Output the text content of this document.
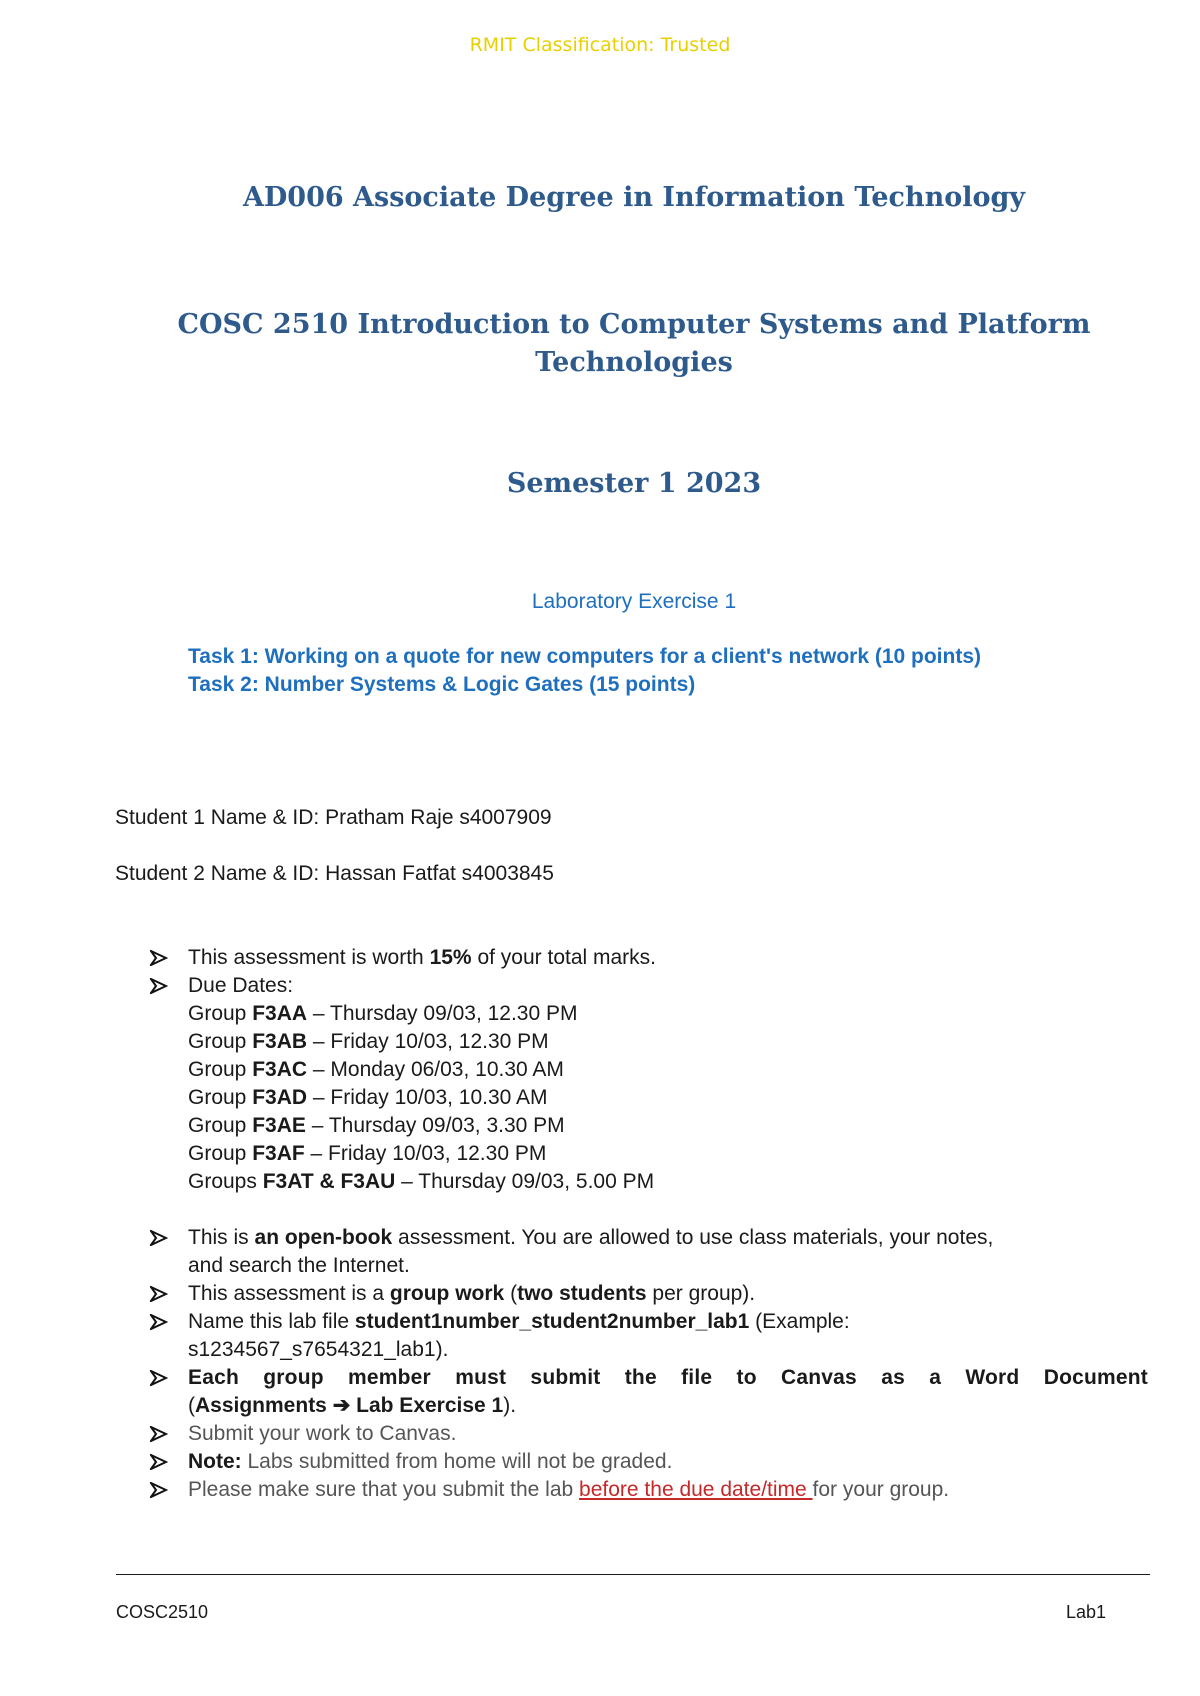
RMIT Classification: Trusted
AD006 Associate Degree in Information Technology
COSC 2510 Introduction to Computer Systems and Platform
Technologies
Semester 1 2023
Laboratory Exercise 1
Task 1: Working on a quote for new computers for a client's network (10 points)
Task 2: Number Systems & Logic Gates (15 points)
Student 1 Name & ID: Pratham Raje s4007909
Student 2 Name & ID: Hassan Fatfat s4003845
This assessment is worth 15% of your total marks.
Due Dates:
Group F3AA – Thursday 09/03, 12.30 PM
Group F3AB – Friday 10/03, 12.30 PM
Group F3AC – Monday 06/03, 10.30 AM
Group F3AD – Friday 10/03, 10.30 AM
Group F3AE – Thursday 09/03, 3.30 PM
Group F3AF – Friday 10/03, 12.30 PM
Groups F3AT & F3AU – Thursday 09/03, 5.00 PM
This is an open-book assessment. You are allowed to use class materials, your notes,
and search the Internet.
This assessment is a group work (two students per group).
Name this lab file student1number_student2number_lab1 (Example:
s1234567_s7654321_lab1).
Each group member must submit the file to Canvas as a Word Document
(Assignments ➔ Lab Exercise 1).
Submit your work to Canvas.
Note: Labs submitted from home will not be graded.
Please make sure that you submit the lab before the due date/time for your group.
COSC2510	Lab1
